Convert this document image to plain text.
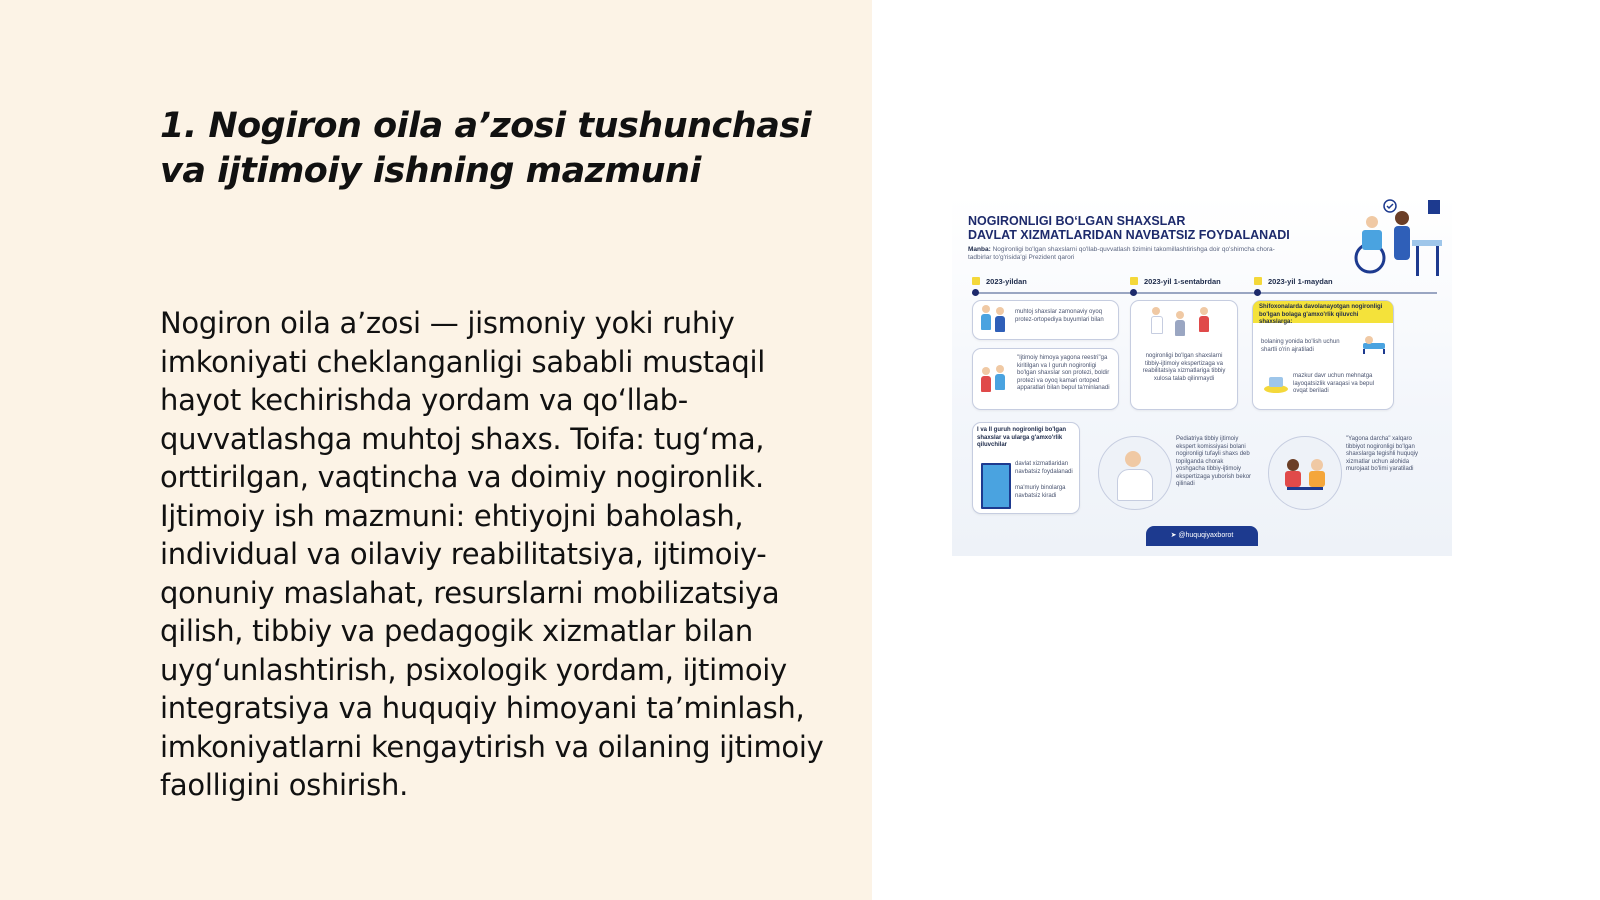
1. Nogiron oila a’zosi tushunchasi va ijtimoiy ishning mazmuni
Nogiron oila a’zosi — jismoniy yoki ruhiy imkoniyati cheklanganligi sababli mustaqil hayot kechirishda yordam va qo‘llab-quvvatlashga muhtoj shaxs. Toifa: tug‘ma, orttirilgan, vaqtincha va doimiy nogironlik. Ijtimoiy ish mazmuni: ehtiyojni baholash, individual va oilaviy reabilitatsiya, ijtimoiy-qonuniy maslahat, resurslarni mobilizatsiya qilish, tibbiy va pedagogik xizmatlar bilan uyg‘unlashtirish, psixologik yordam, ijtimoiy integratsiya va huquqiy himoyani ta’minlash, imkoniyatlarni kengaytirish va oilaning ijtimoiy faolligini oshirish.
NOGIRONLIGI BO‘LGAN SHAXSLAR
DAVLAT XIZMATLARIDAN NAVBATSIZ FOYDALANADI
Manba: Nogironligi bo'lgan shaxslarni qo'llab-quvvatlash tizimini takomillashtirishga doir qo'shimcha chora-tadbirlar to'g'risida'gi Prezident qarori
2023-yildan	2023-yil 1-sentabrdan	2023-yil 1-maydan
muhtoj shaxslar zamonaviy oyoq protez-ortopediya buyumlari bilan
"Ijtimoiy himoya yagona reestri"ga kiritilgan va I guruh nogironligi bo'lgan shaxslar son protezi, boldir protezi va oyoq kamari ortoped apparatlari bilan bepul ta'minlanadi
nogironligi bo'lgan shaxslarni tibbiy-ijtimoiy ekspertizaga va reabilitatsiya xizmatlariga tibbiy xulosa talab qilinmaydi
Shifoxonalarda davolanayotgan nogironligi bo'lgan bolaga g'amxo'rlik qiluvchi shaxslarga:
bolaning yonida bo'lish uchun shartli o'rin ajratiladi
mazkur davr uchun mehnatga layoqatsizlik varaqasi va bepul ovqat beriladi
I va II guruh nogironligi bo'lgan shaxslar va ularga g'amxo'rlik qiluvchilar
davlat xizmatlaridan navbatsiz foydalanadi
ma'muriy binolarga navbatsiz kiradi
Pediatriya tibbiy ijtimoiy ekspert komissiyasi bolani nogironligi tufayli shaxs deb topilganda chorak yoshgacha tibbiy-ijtimoiy ekspertizaga yuborish bekor qilinadi
"Yagona darcha" xalqaro tibbiyot nogironligi bo'lgan shaxslarga tegishli huquqiy xizmatlar uchun alohida murojaat bo'limi yaratiladi
➤ @huquqiyaxborot
